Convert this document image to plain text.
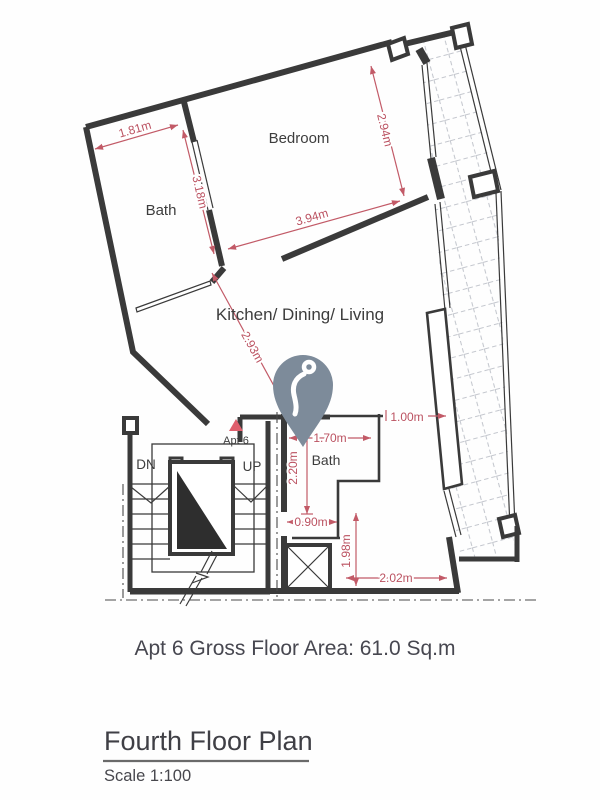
1.81m
3.18m
2.94m
3.94m
2.93m
1.00m
1.70m
2.20m
0.90m
1.98m
2.02m
Bedroom
Bath
Kitchen/ Dining/ Living
Bath
DN	UP
Apt 6
Apt 6 Gross Floor Area: 61.0 Sq.m
Fourth Floor Plan
Scale 1:100
